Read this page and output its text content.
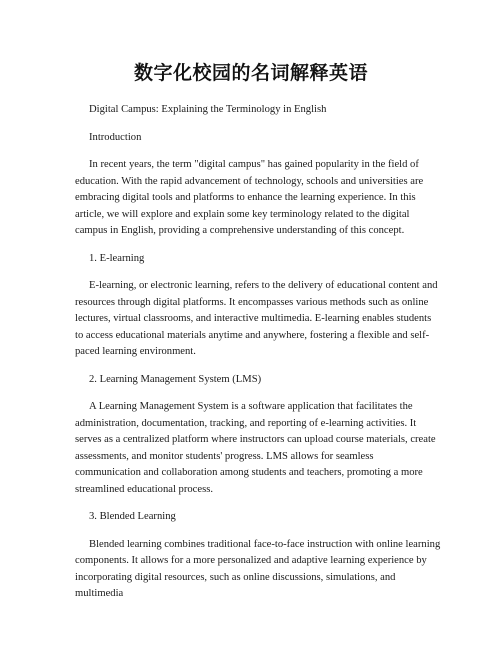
数字化校园的名词解释英语

Digital Campus: Explaining the Terminology in English

Introduction

In recent years, the term "digital campus" has gained popularity in the field of education. With the rapid advancement of technology, schools and universities are embracing digital tools and platforms to enhance the learning experience. In this article, we will explore and explain some key terminology related to the digital campus in English, providing a comprehensive understanding of this concept.

1. E-learning

E-learning, or electronic learning, refers to the delivery of educational content and resources through digital platforms. It encompasses various methods such as online lectures, virtual classrooms, and interactive multimedia. E-learning enables students to access educational materials anytime and anywhere, fostering a flexible and self-paced learning environment.

2. Learning Management System (LMS)

A Learning Management System is a software application that facilitates the administration, documentation, tracking, and reporting of e-learning activities. It serves as a centralized platform where instructors can upload course materials, create assessments, and monitor students' progress. LMS allows for seamless communication and collaboration among students and teachers, promoting a more streamlined educational process.

3. Blended Learning

Blended learning combines traditional face-to-face instruction with online learning components. It allows for a more personalized and adaptive learning experience by incorporating digital resources, such as online discussions, simulations, and multimedia
